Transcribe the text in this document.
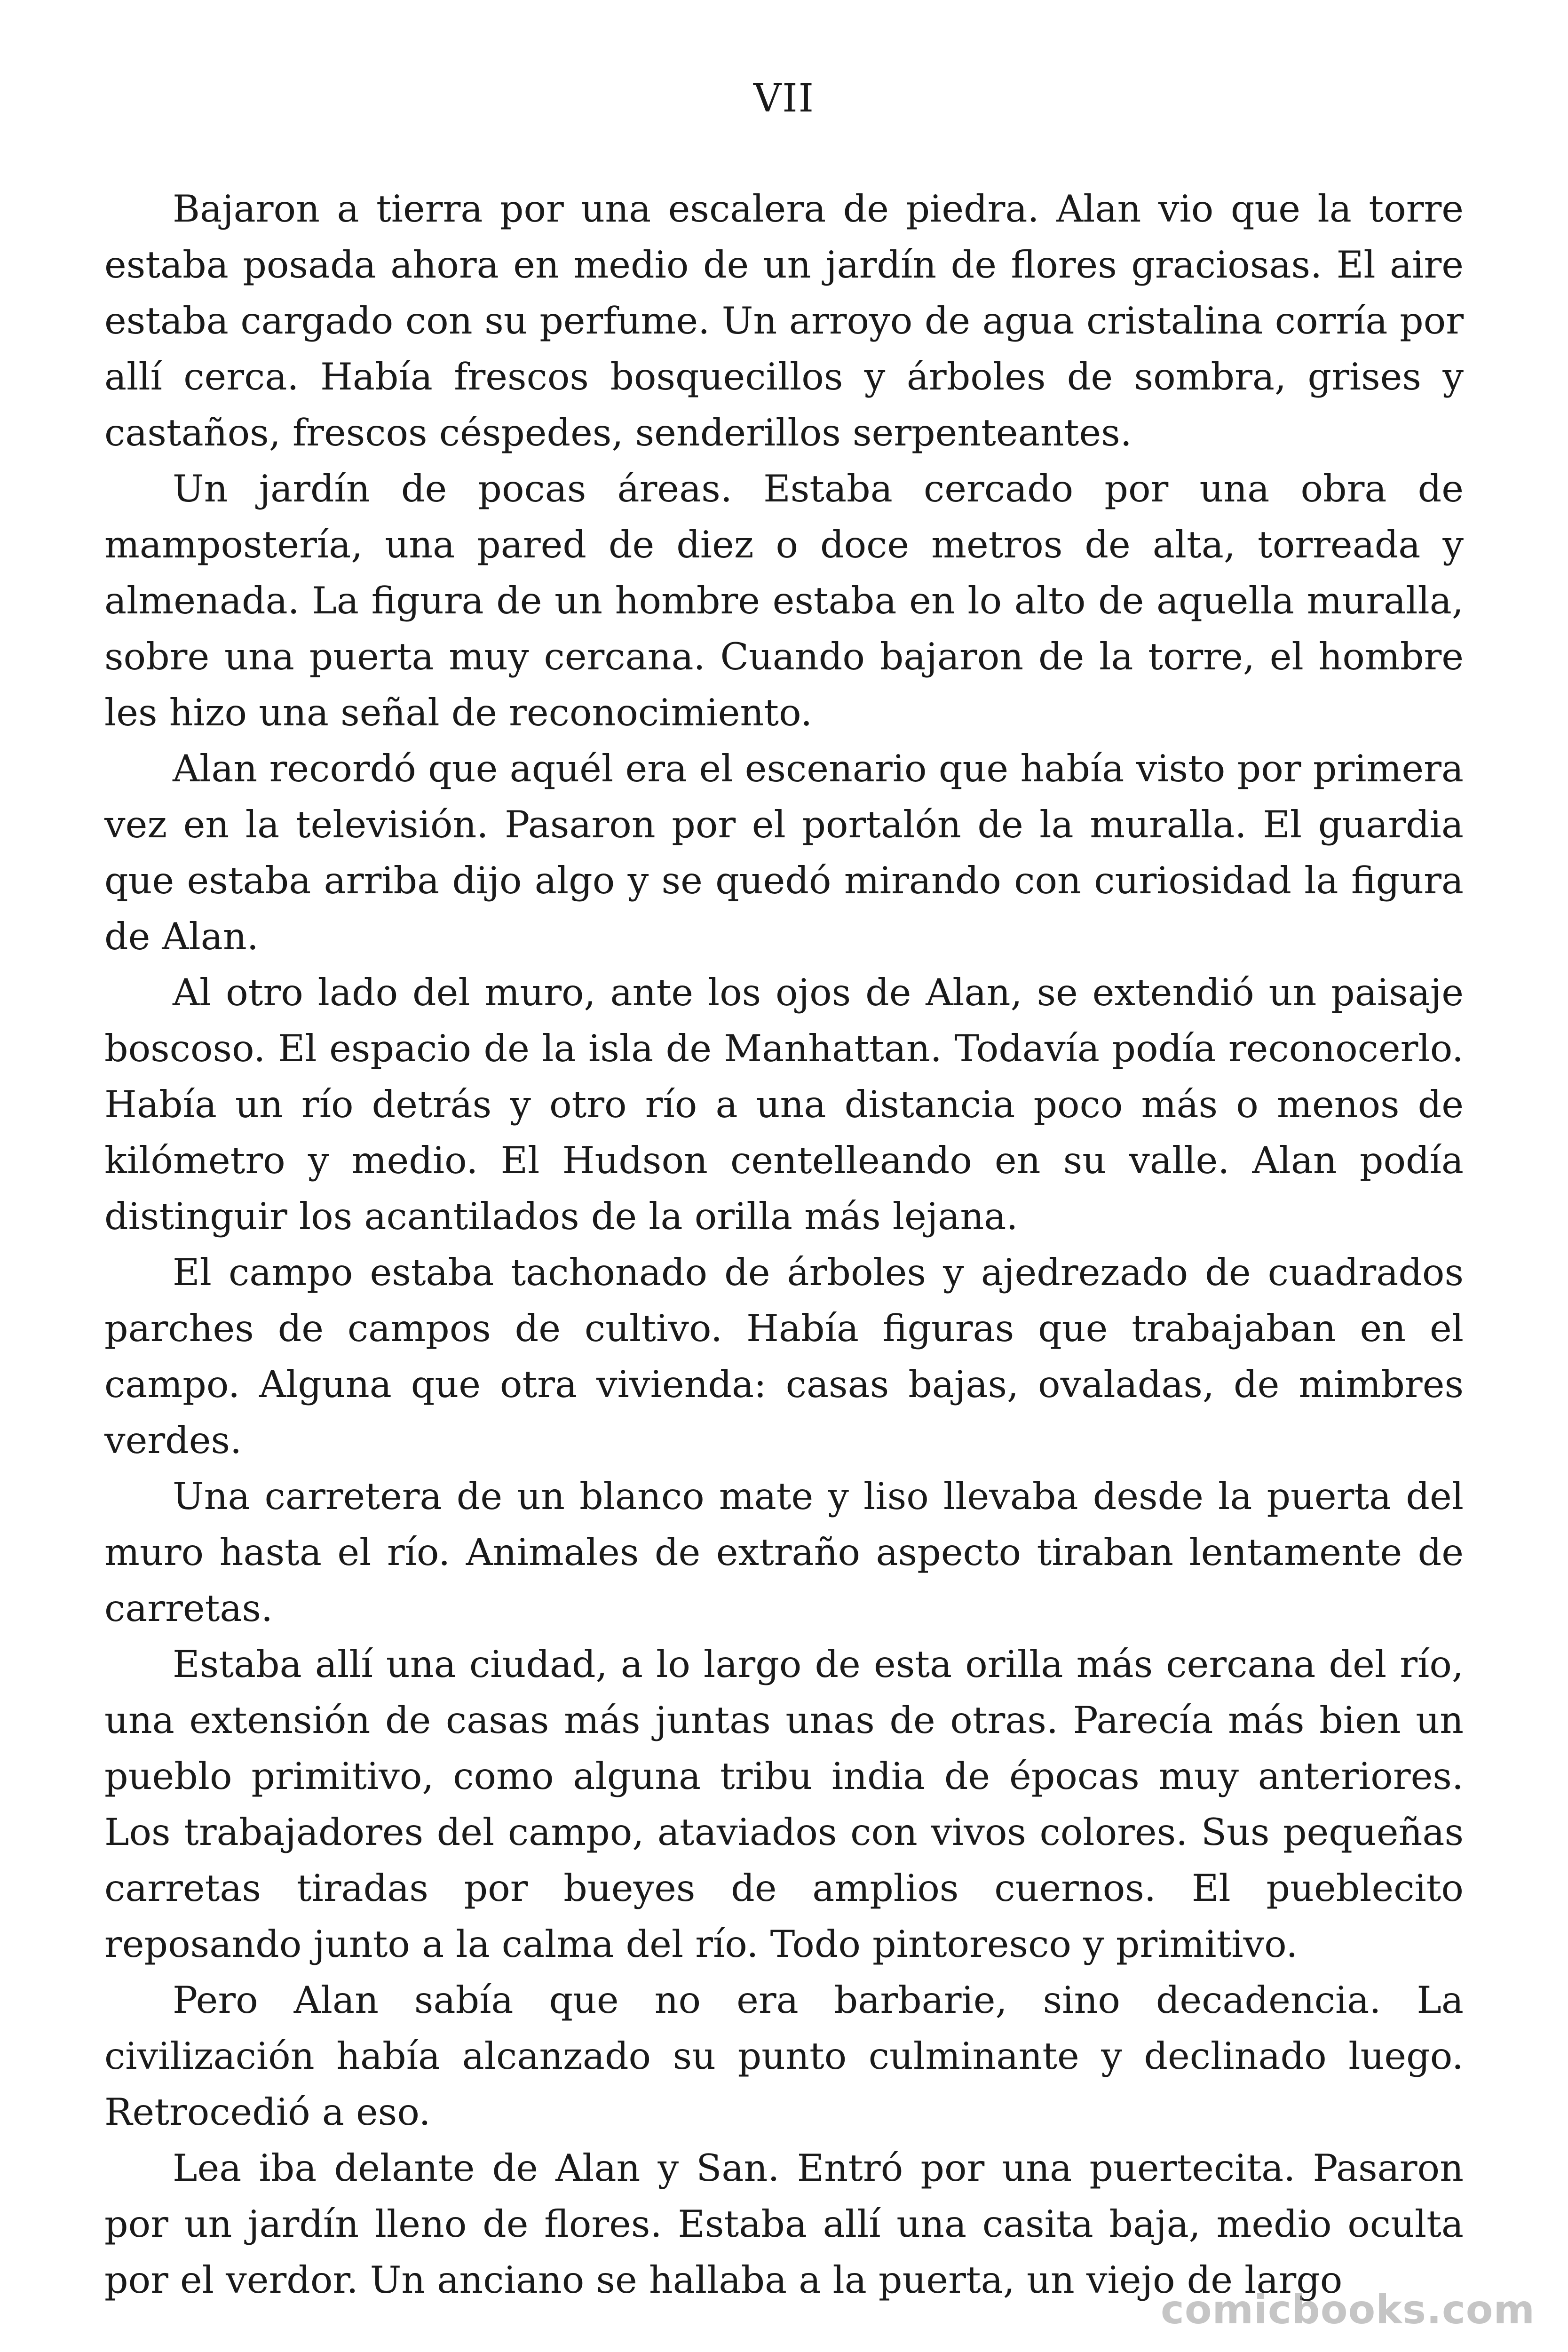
VII

Bajaron a tierra por una escalera de piedra. Alan vio que la torre estaba posada ahora en medio de un jardín de flores graciosas. El aire estaba cargado con su perfume. Un arroyo de agua cristalina corría por allí cerca. Había frescos bosquecillos y árboles de sombra, grises y castaños, frescos céspedes, senderillos serpenteantes.

Un jardín de pocas áreas. Estaba cercado por una obra de mampostería, una pared de diez o doce metros de alta, torreada y almenada. La figura de un hombre estaba en lo alto de aquella muralla, sobre una puerta muy cercana. Cuando bajaron de la torre, el hombre les hizo una señal de reconocimiento.

Alan recordó que aquél era el escenario que había visto por primera vez en la televisión. Pasaron por el portalón de la muralla. El guardia que estaba arriba dijo algo y se quedó mirando con curiosidad la figura de Alan.

Al otro lado del muro, ante los ojos de Alan, se extendió un paisaje boscoso. El espacio de la isla de Manhattan. Todavía podía reconocerlo. Había un río detrás y otro río a una distancia poco más o menos de kilómetro y medio. El Hudson centelleando en su valle. Alan podía distinguir los acantilados de la orilla más lejana.

El campo estaba tachonado de árboles y ajedrezado de cuadrados parches de campos de cultivo. Había figuras que trabajaban en el campo. Alguna que otra vivienda: casas bajas, ovaladas, de mimbres verdes.

Una carretera de un blanco mate y liso llevaba desde la puerta del muro hasta el río. Animales de extraño aspecto tiraban lentamente de carretas.

Estaba allí una ciudad, a lo largo de esta orilla más cercana del río, una extensión de casas más juntas unas de otras. Parecía más bien un pueblo primitivo, como alguna tribu india de épocas muy anteriores. Los trabajadores del campo, ataviados con vivos colores. Sus pequeñas carretas tiradas por bueyes de amplios cuernos. El pueblecito reposando junto a la calma del río. Todo pintoresco y primitivo.

Pero Alan sabía que no era barbarie, sino decadencia. La civilización había alcanzado su punto culminante y declinado luego. Retrocedió a eso.

Lea iba delante de Alan y San. Entró por una puertecita. Pasaron por un jardín lleno de flores. Estaba allí una casita baja, medio oculta por el verdor. Un anciano se hallaba a la puerta, un viejo de largo

comicbooks.com
